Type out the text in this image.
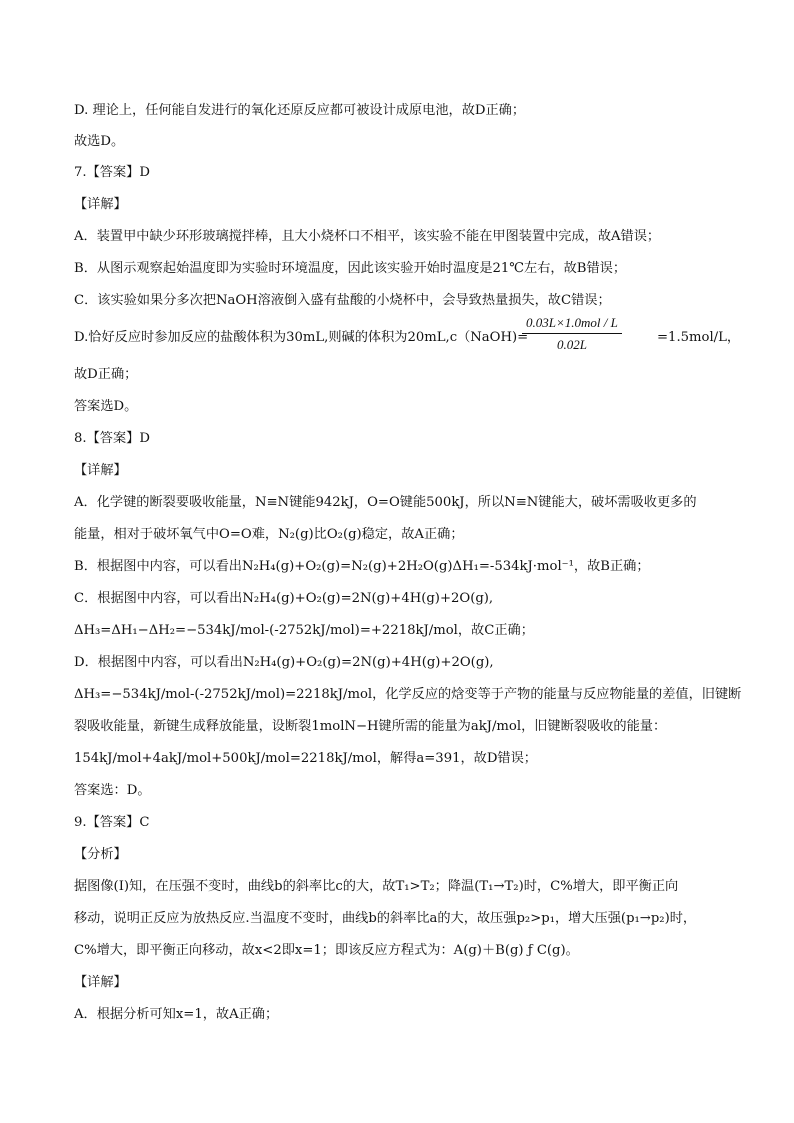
D. 理论上，任何能自发进行的氧化还原反应都可被设计成原电池，故D正确；
故选D。
7.【答案】D
【详解】
A．装置甲中缺少环形玻璃搅拌棒，且大小烧杯口不相平，该实验不能在甲图装置中完成，故A错误；
B．从图示观察起始温度即为实验时环境温度，因此该实验开始时温度是21℃左右，故B错误；
C．该实验如果分多次把NaOH溶液倒入盛有盐酸的小烧杯中，会导致热量损失，故C错误；
D.恰好反应时参加反应的盐酸体积为30mL,则碱的体积为20mL,c（NaOH)=
0.03L×1.0mol / L
0.02L	=1.5mol/L，
故D正确；
答案选D。
8.【答案】D
【详解】
A．化学键的断裂要吸收能量，N≡N键能942kJ，O=O键能500kJ，所以N≡N键能大，破坏需吸收更多的
能量，相对于破坏氧气中O=O难，N₂(g)比O₂(g)稳定，故A正确；
B．根据图中内容，可以看出N₂H₄(g)+O₂(g)=N₂(g)+2H₂O(g)ΔH₁=-534kJ·mol⁻¹，故B正确；
C．根据图中内容，可以看出N₂H₄(g)+O₂(g)=2N(g)+4H(g)+2O(g),
ΔH₃=ΔH₁−ΔH₂=−534kJ/mol-(-2752kJ/mol)=+2218kJ/mol，故C正确；
D．根据图中内容，可以看出N₂H₄(g)+O₂(g)=2N(g)+4H(g)+2O(g),
ΔH₃=−534kJ/mol-(-2752kJ/mol)=2218kJ/mol，化学反应的焓变等于产物的能量与反应物能量的差值，旧键断
裂吸收能量，新键生成释放能量，设断裂1molN−H键所需的能量为akJ/mol，旧键断裂吸收的能量：
154kJ/mol+4akJ/mol+500kJ/mol=2218kJ/mol，解得a=391，故D错误；
答案选：D。
9.【答案】C
【分析】
据图像(Ⅰ)知，在压强不变时，曲线b的斜率比c的大，故T₁>T₂；降温(T₁→T₂)时，C%增大，即平衡正向
移动，说明正反应为放热反应.当温度不变时，曲线b的斜率比a的大，故压强p₂>p₁，增大压强(p₁→p₂)时，
C%增大，即平衡正向移动，故x<2即x=1；即该反应方程式为：A(g)＋B(g) ƒ C(g)。
【详解】
A．根据分析可知x=1，故A正确；
